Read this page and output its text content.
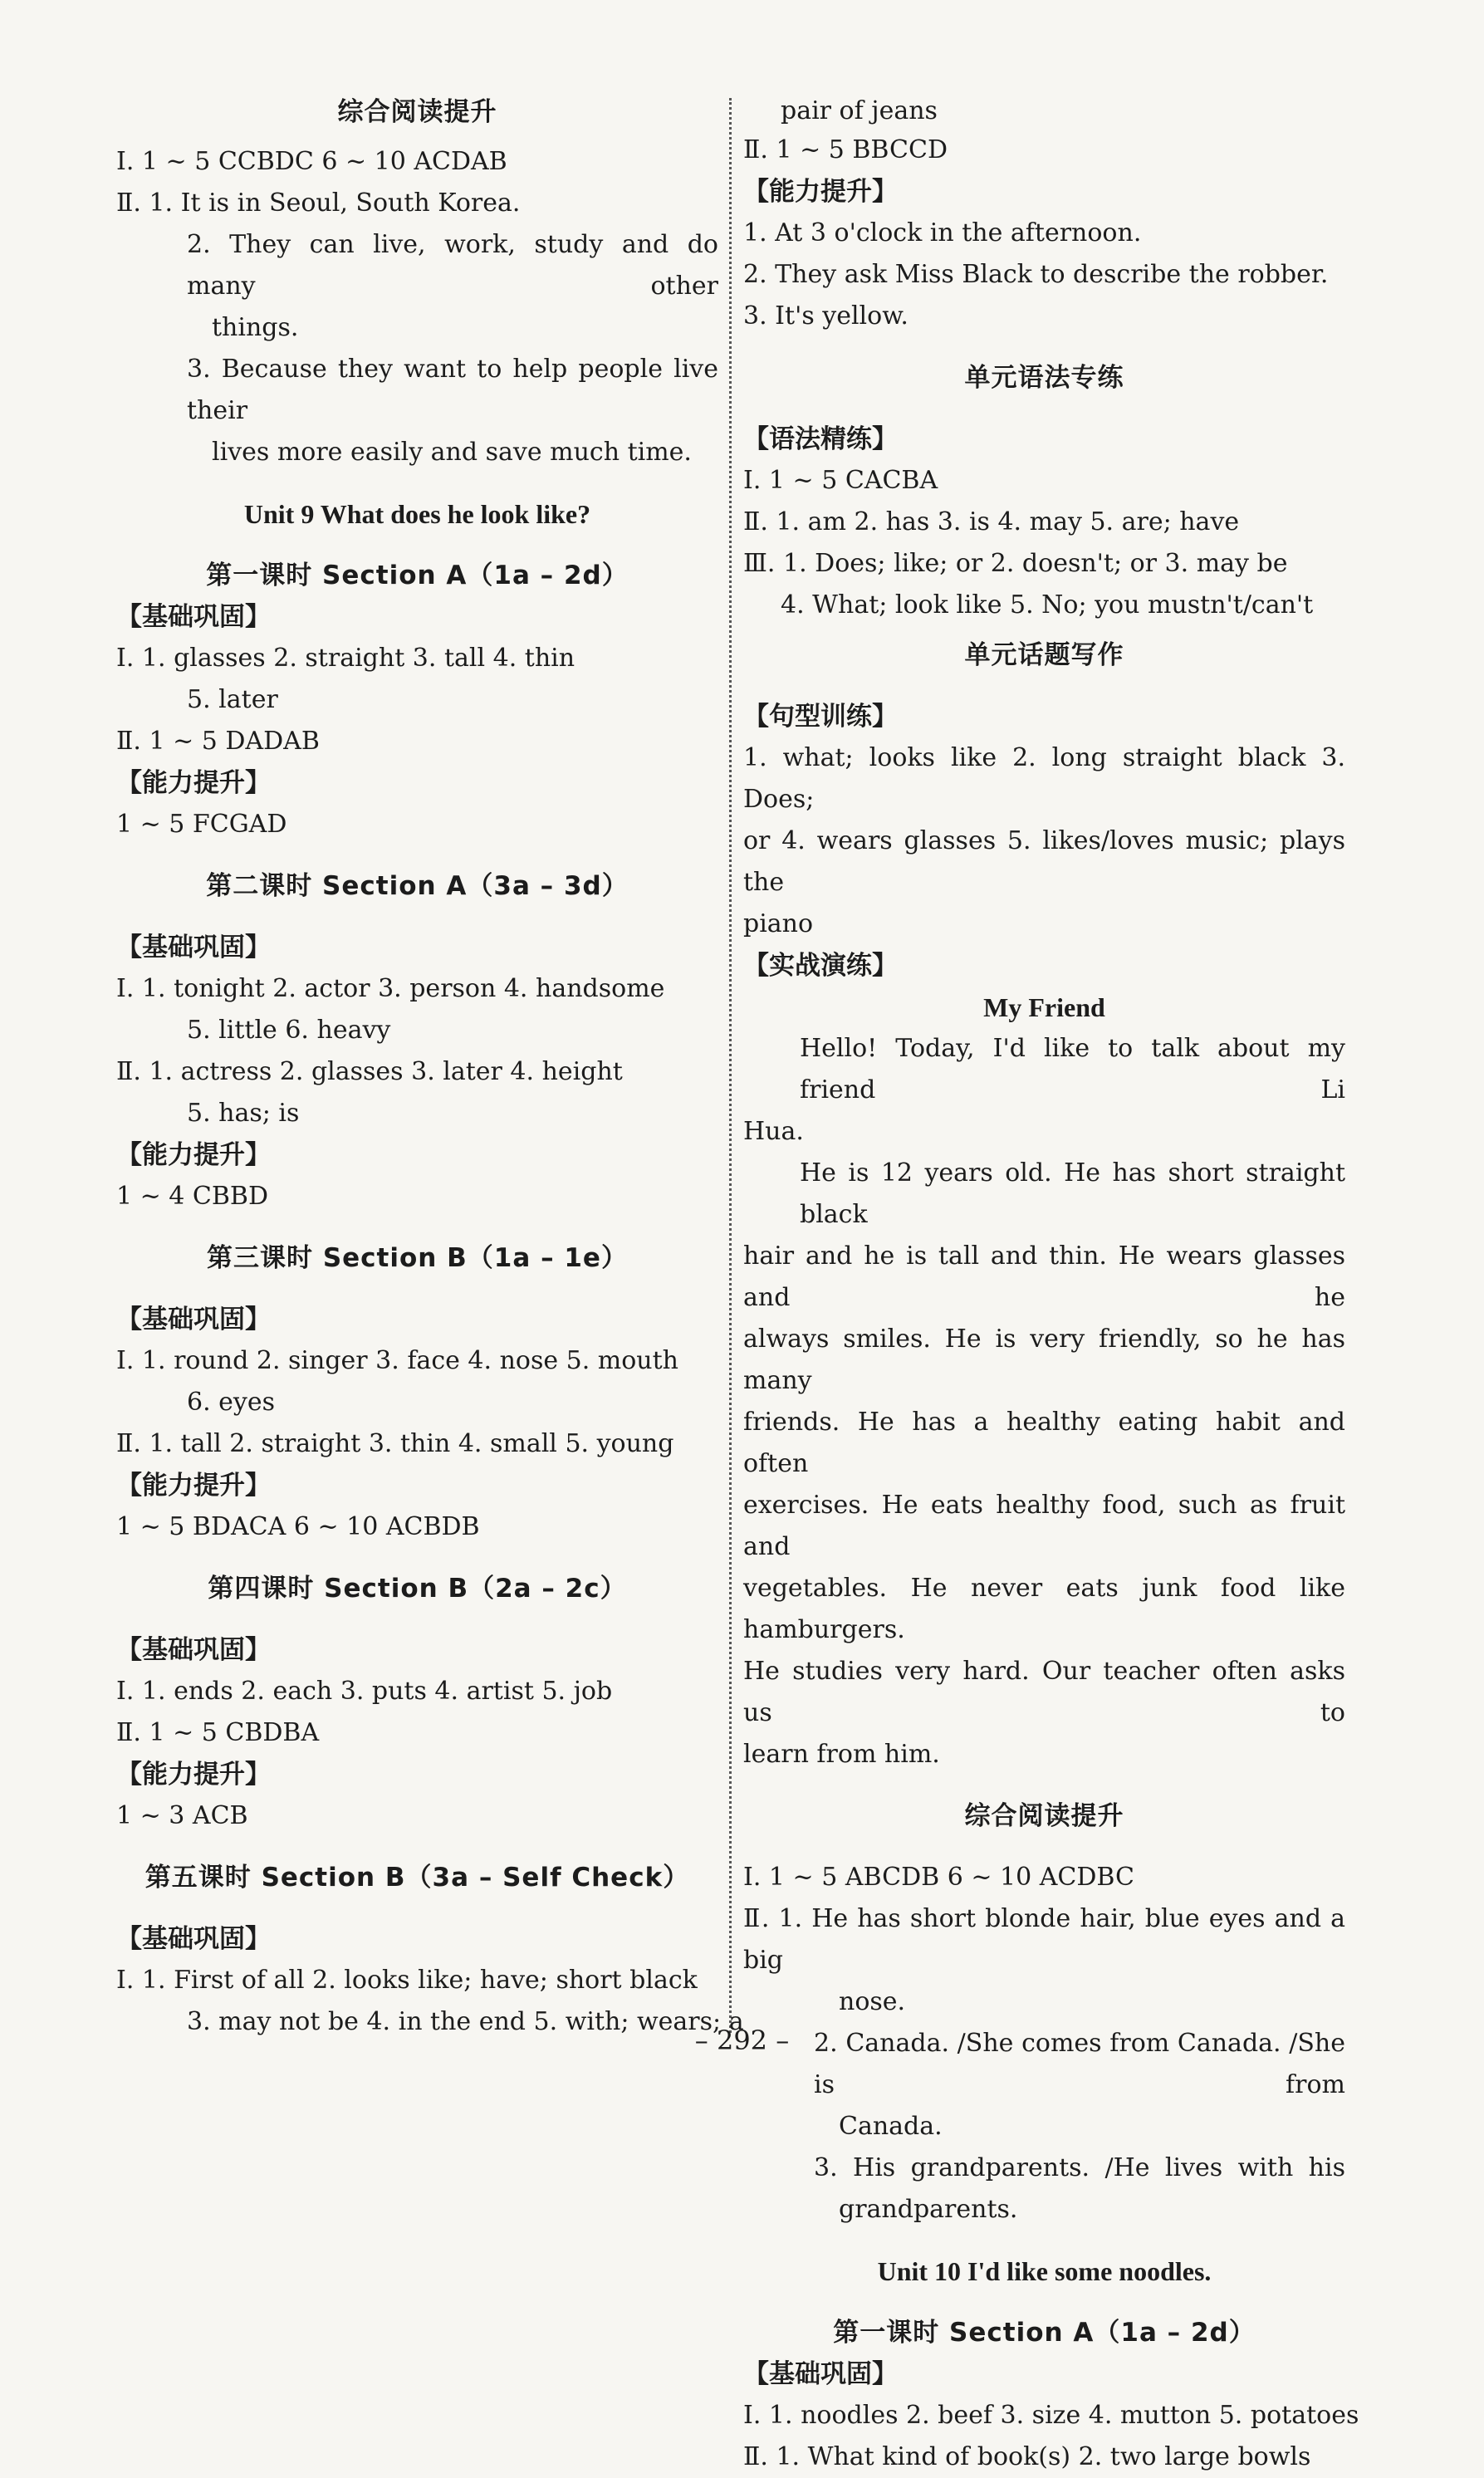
综合阅读提升
Ⅰ. 1 ~ 5 CCBDC 6 ~ 10 ACDAB
Ⅱ. 1. It is in Seoul, South Korea.
2. They can live, work, study and do many other
things.
3. Because they want to help people live their
lives more easily and save much time.
Unit 9 What does he look like?
第一课时 Section A（1a – 2d）
【基础巩固】
Ⅰ. 1. glasses 2. straight 3. tall 4. thin
5. later
Ⅱ. 1 ~ 5 DADAB
【能力提升】
1 ~ 5 FCGAD
第二课时 Section A（3a – 3d）
【基础巩固】
Ⅰ. 1. tonight 2. actor 3. person 4. handsome
5. little 6. heavy
Ⅱ. 1. actress 2. glasses 3. later 4. height
5. has; is
【能力提升】
1 ~ 4 CBBD
第三课时 Section B（1a – 1e）
【基础巩固】
Ⅰ. 1. round 2. singer 3. face 4. nose 5. mouth
6. eyes
Ⅱ. 1. tall 2. straight 3. thin 4. small 5. young
【能力提升】
1 ~ 5 BDACA 6 ~ 10 ACBDB
第四课时 Section B（2a – 2c）
【基础巩固】
Ⅰ. 1. ends 2. each 3. puts 4. artist 5. job
Ⅱ. 1 ~ 5 CBDBA
【能力提升】
1 ~ 3 ACB
第五课时 Section B（3a – Self Check）
【基础巩固】
Ⅰ. 1. First of all 2. looks like; have; short black
3. may not be 4. in the end 5. with; wears; a
pair of jeans
Ⅱ. 1 ~ 5 BBCCD
【能力提升】
1. At 3 o'clock in the afternoon.
2. They ask Miss Black to describe the robber.
3. It's yellow.
单元语法专练
【语法精练】
Ⅰ. 1 ~ 5 CACBA
Ⅱ. 1. am 2. has 3. is 4. may 5. are; have
Ⅲ. 1. Does; like; or 2. doesn't; or 3. may be
4. What; look like 5. No; you mustn't/can't
单元话题写作
【句型训练】
1. what; looks like 2. long straight black 3. Does;
or 4. wears glasses 5. likes/loves music; plays the
piano
【实战演练】
My Friend
Hello! Today, I'd like to talk about my friend Li
Hua.
He is 12 years old. He has short straight black
hair and he is tall and thin. He wears glasses and he
always smiles. He is very friendly, so he has many
friends. He has a healthy eating habit and often
exercises. He eats healthy food, such as fruit and
vegetables. He never eats junk food like hamburgers.
He studies very hard. Our teacher often asks us to
learn from him.
综合阅读提升
Ⅰ. 1 ~ 5 ABCDB 6 ~ 10 ACDBC
Ⅱ. 1. He has short blonde hair, blue eyes and a big
nose.
2. Canada. /She comes from Canada. /She is from
Canada.
3. His grandparents. /He lives with his
grandparents.
Unit 10 I'd like some noodles.
第一课时 Section A（1a – 2d）
【基础巩固】
Ⅰ. 1. noodles 2. beef 3. size 4. mutton 5. potatoes
Ⅱ. 1. What kind of book(s) 2. two large bowls
– 292 –
